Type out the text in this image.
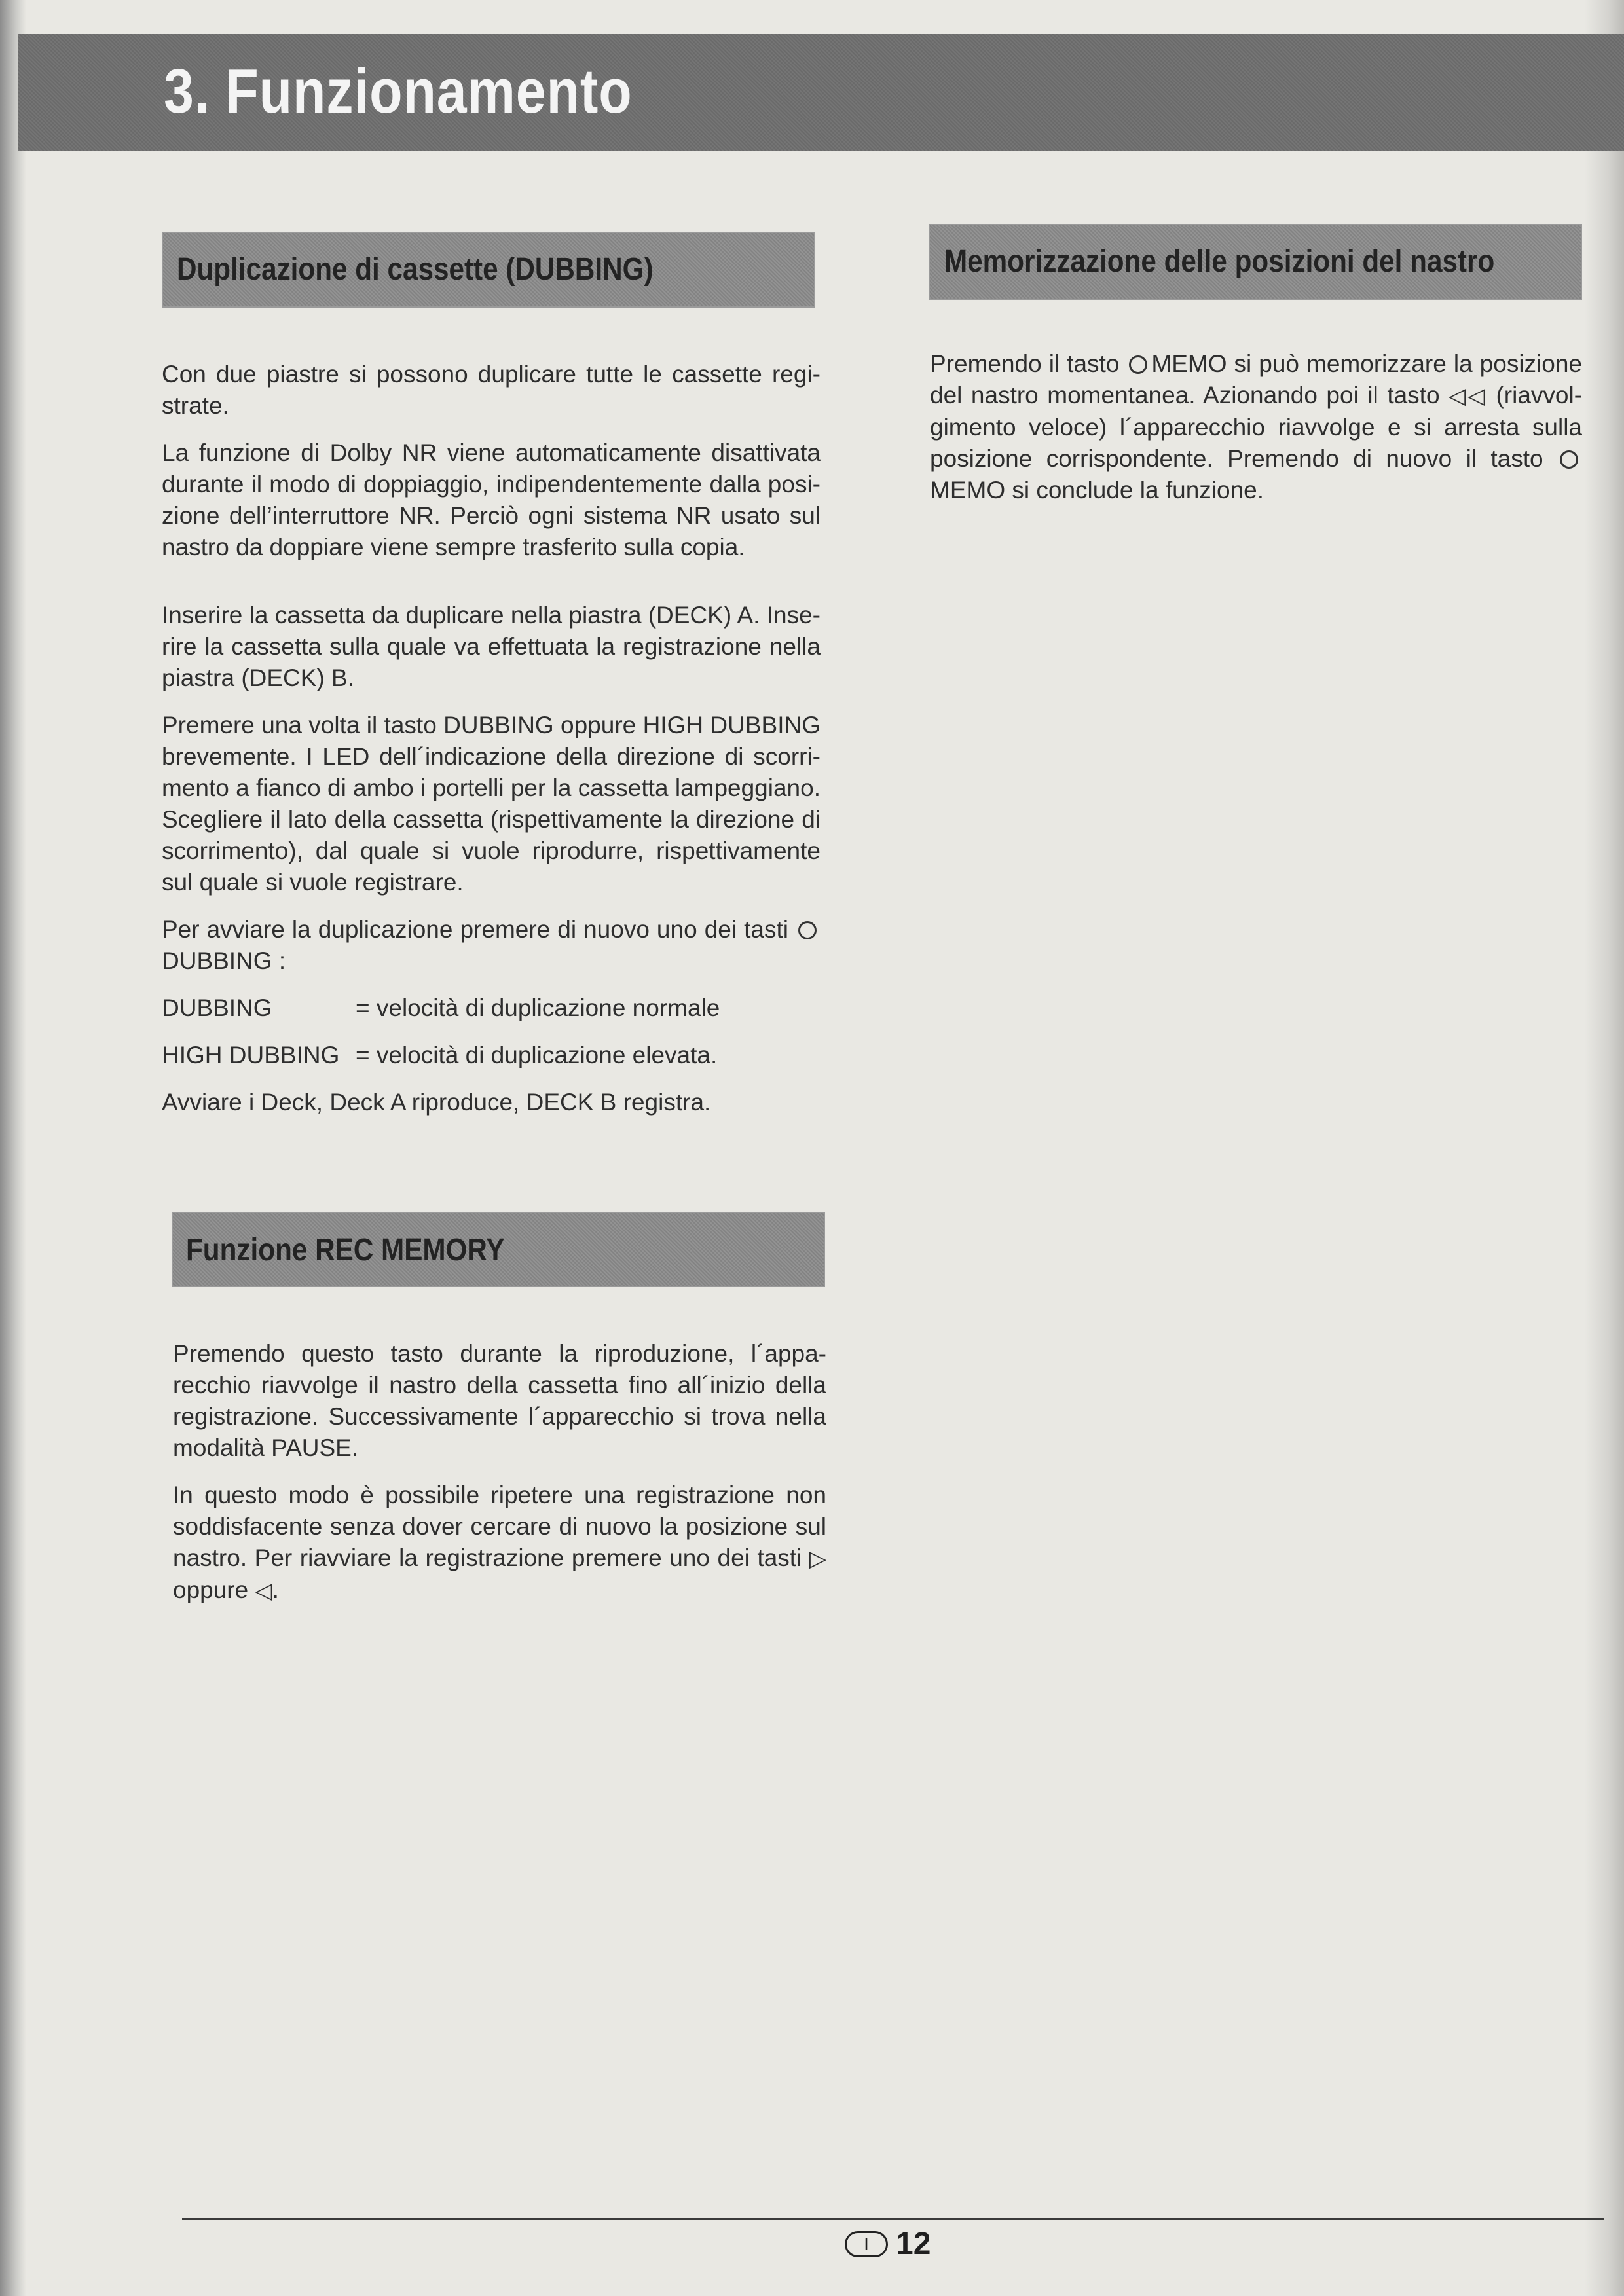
3. Funzionamento
Duplicazione di cassette (DUBBING)

Con due piastre si possono duplicare tutte le cassette regi-strate.

La funzione di Dolby NR viene automaticamente disattivata durante il modo di doppiaggio, indipendentemente dalla posi-zione dell’interruttore NR. Perciò ogni sistema NR usato sul nastro da doppiare viene sempre trasferito sulla copia.

Inserire la cassetta da duplicare nella piastra (DECK) A. Inse-rire la cassetta sulla quale va effettuata la registrazione nella piastra (DECK) B.

Premere una volta il tasto DUBBING oppure HIGH DUBBING brevemente. I LED dell´indicazione della direzione di scorri-mento a fianco di ambo i portelli per la cassetta lampeggiano. Scegliere il lato della cassetta (rispettivamente la direzione di scorrimento), dal quale si vuole riprodurre, rispettivamente sul quale si vuole registrare.

Per avviare la duplicazione premere di nuovo uno dei tasti DUBBING :

DUBBING	= velocità di duplicazione normale
HIGH DUBBING = velocità di duplicazione elevata.

Avviare i Deck, Deck A riproduce, DECK B registra.

Funzione REC MEMORY

Premendo questo tasto durante la riproduzione, l´appa-recchio riavvolge il nastro della cassetta fino all´inizio della registrazione. Successivamente l´apparecchio si trova nella modalità PAUSE.

In questo modo è possibile ripetere una registrazione non soddisfacente senza dover cercare di nuovo la posizione sul nastro. Per riavviare la registrazione premere uno dei tasti ▷ oppure ◁.

Memorizzazione delle posizioni del nastro

Premendo il tasto MEMO si può memorizzare la posizione del nastro momentanea. Azionando poi il tasto ◁◁ (riavvol-gimento veloce) l´apparecchio riavvolge e si arresta sulla posizione corrispondente. Premendo di nuovo il tasto MEMO si conclude la funzione.

I 12
